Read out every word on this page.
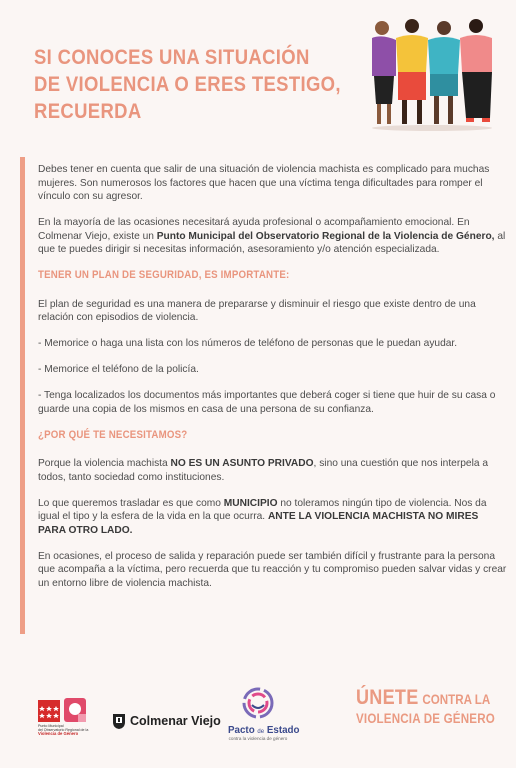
SI CONOCES UNA SITUACIÓN
DE VIOLENCIA O ERES TESTIGO,
RECUERDA

Debes tener en cuenta que salir de una situación de violencia machista es complicado para muchas mujeres. Son numerosos los factores que hacen que una víctima tenga dificultades para romper el vínculo con su agresor.

En la mayoría de las ocasiones necesitará ayuda profesional o acompañamiento emocional. En Colmenar Viejo, existe un Punto Municipal del Observatorio Regional de la Violencia de Género, al que te puedes dirigir si necesitas información, asesoramiento y/o atención especializada.

TENER UN PLAN DE SEGURIDAD, ES IMPORTANTE:

El plan de seguridad es una manera de prepararse y disminuir el riesgo que existe dentro de una relación con episodios de violencia.

- Memorice o haga una lista con los números de teléfono de personas que le puedan ayudar.

- Memorice el teléfono de la policía.

- Tenga localizados los documentos más importantes que deberá coger si tiene que huir de su casa o guarde una copia de los mismos en casa de una persona de su confianza.

¿POR QUÉ TE NECESITAMOS?

Porque la violencia machista NO ES UN ASUNTO PRIVADO, sino una cuestión que nos interpela a todos, tanto sociedad como instituciones.

Lo que queremos trasladar es que como MUNICIPIO no toleramos ningún tipo de violencia. Nos da igual el tipo y la esfera de la vida en la que ocurra. ANTE LA VIOLENCIA MACHISTA NO MIRES PARA OTRO LADO.

En ocasiones, el proceso de salida y reparación puede ser también difícil y frustrante para la persona que acompaña a la víctima, pero recuerda que tu reacción y tu compromiso pueden salvar vidas y crear un entorno libre de violencia machista.

Punto Municipal
del Observatorio Regional de la
Violencia de Género
Colmenar Viejo
Pacto de Estado
contra la violencia de género
ÚNETE CONTRA LA
VIOLENCIA DE GÉNERO
